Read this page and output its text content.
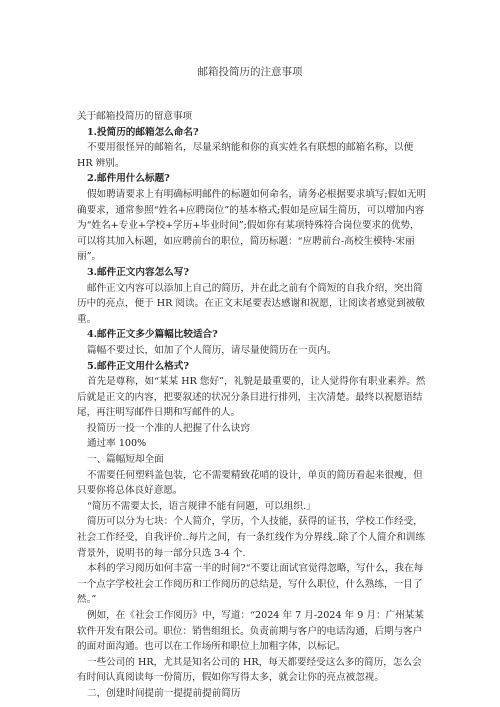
邮箱投简历的注意事项

关于邮箱投简历的留意事项

1.投简历的邮箱怎么命名?

不要用很怪异的邮箱名，尽量采纳能和你的真实姓名有联想的邮箱名称，以便 HR 辨别。

2.邮件用什么标题?

假如聘请要求上有明确标明邮件的标题如何命名，请务必根据要求填写;假如无明确要求，通常参照“姓名+应聘岗位”的基本格式;假如是应届生简历，可以增加内容为“姓名+专业+学校+学历+毕业时间”;假如你有某项特殊符合岗位要求的优势，可以将其加入标题，如应聘前台的职位，简历标题：“应聘前台-高校生模特-宋丽丽”。

3.邮件正文内容怎么写?

邮件正文内容可以添加上自己的简历，并在此之前有个简短的自我介绍，突出简历中的亮点，便于 HR 阅读。在正文末尾要表达感谢和祝愿，让阅读者感觉到被敬重。

4.邮件正文多少篇幅比较适合?

篇幅不要过长，如加了个人简历，请尽量使简历在一页内。

5.邮件正文用什么格式?

首先是尊称，如“某某 HR 您好”，礼貌是最重要的，让人觉得你有职业素养。然后就是正文的内容，把要叙述的状况分条目进行排列，主次清楚。最终以祝愿语结尾，再注明写邮件日期和写邮件的人。

投简历一投一个准的人把握了什么诀窍

通过率 100%

一、篇幅短却全面

不需要任何塑料盖包装，它不需要精致花哨的设计，单页的简历看起来很瘦，但只要你将总体良好意愿。

“简历不需要太长，语言规律不能有问题，可以组织.」

简历可以分为七块：个人简介，学历，个人技能，获得的证书，学校工作经受，社会工作经受，自我评价..每片之间，有一条红线作为分界线..除了个人简介和训练背景外，说明书的每一部分只选 3-4 个.

本科的学习阅历如何丰富一半的时间?“不要让面试官觉得忽略，写什么，我在每一个点字学校社会工作阅历和工作阅历的总结是，写什么职位，什么熟练，一目了然。”

例如，在《社会工作阅历》中，写道：“2024 年 7 月-2024 年 9 月：广州某某软件开发有限公司。职位：销售组组长。负责前期与客户的电话沟通，后期与客户的面对面沟通。也可以在工作场所和职位上加粗字体，以标记。

一些公司的 HR，尤其是知名公司的 HR，每天都要经受这么多的简历，怎么会有时间认真阅读每一份简历，假如你写得太多，就会让你的亮点被忽视。

二，创建时间提前一提提前提前简历
